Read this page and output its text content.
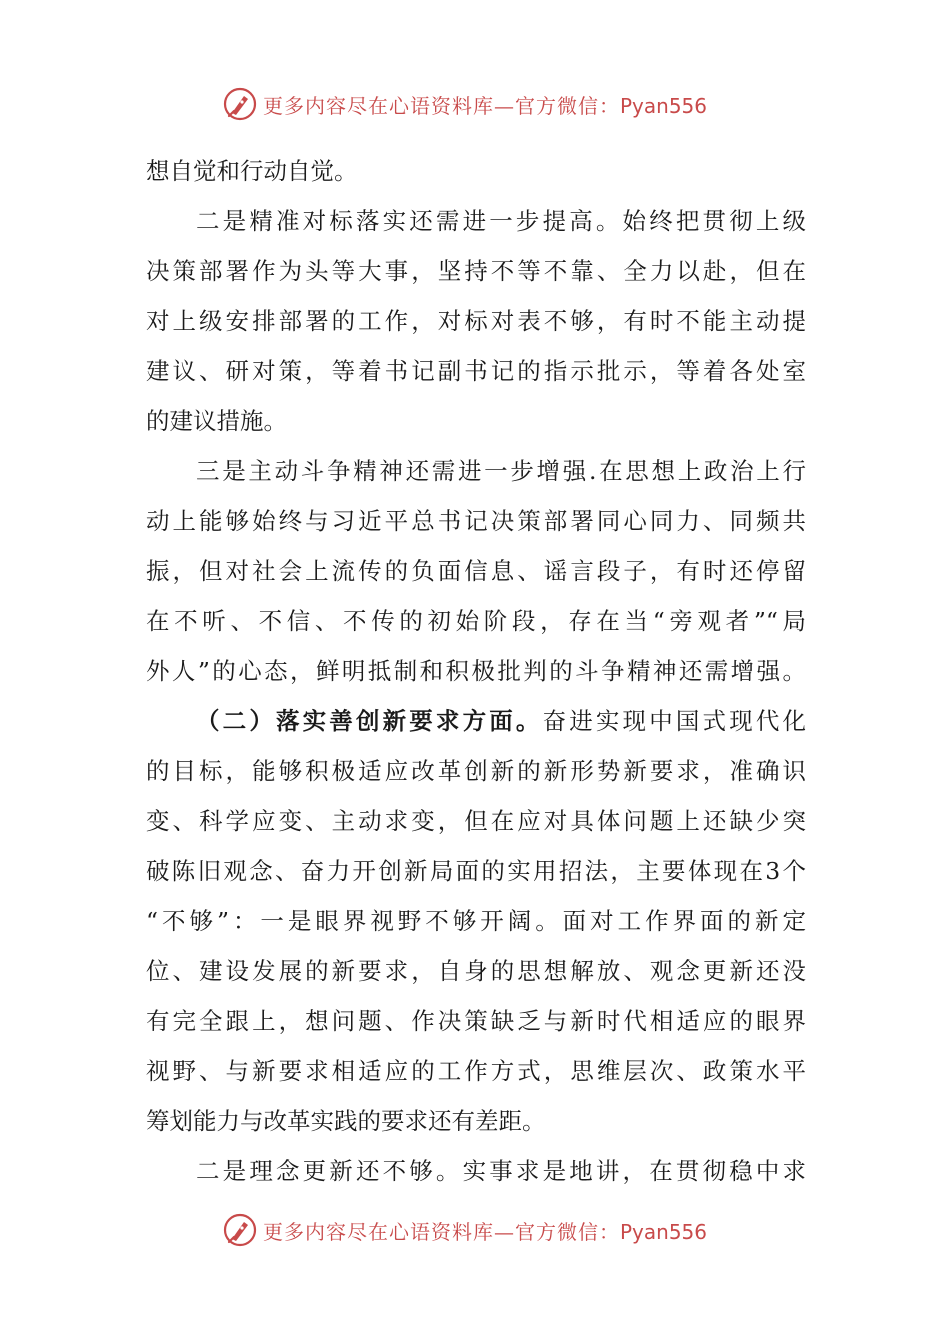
更多内容尽在心语资料库—官方微信：Pyan556
想自觉和行动自觉。
二是精准对标落实还需进一步提高。始终把贯彻上级
决策部署作为头等大事，坚持不等不靠、全力以赴，但在
对上级安排部署的工作，对标对表不够，有时不能主动提
建议、研对策，等着书记副书记的指示批示，等着各处室
的建议措施。
三是主动斗争精神还需进一步增强.在思想上政治上行
动上能够始终与习近平总书记决策部署同心同力、同频共
振，但对社会上流传的负面信息、谣言段子，有时还停留
在不听、不信、不传的初始阶段，存在当“旁观者”“局
外人”的心态，鲜明抵制和积极批判的斗争精神还需增强。
（二）落实善创新要求方面。奋进实现中国式现代化
的目标，能够积极适应改革创新的新形势新要求，准确识
变、科学应变、主动求变，但在应对具体问题上还缺少突
破陈旧观念、奋力开创新局面的实用招法，主要体现在3个
“不够”：一是眼界视野不够开阔。面对工作界面的新定
位、建设发展的新要求，自身的思想解放、观念更新还没
有完全跟上，想问题、作决策缺乏与新时代相适应的眼界
视野、与新要求相适应的工作方式，思维层次、政策水平
筹划能力与改革实践的要求还有差距。
二是理念更新还不够。实事求是地讲，在贯彻稳中求
更多内容尽在心语资料库—官方微信：Pyan556
